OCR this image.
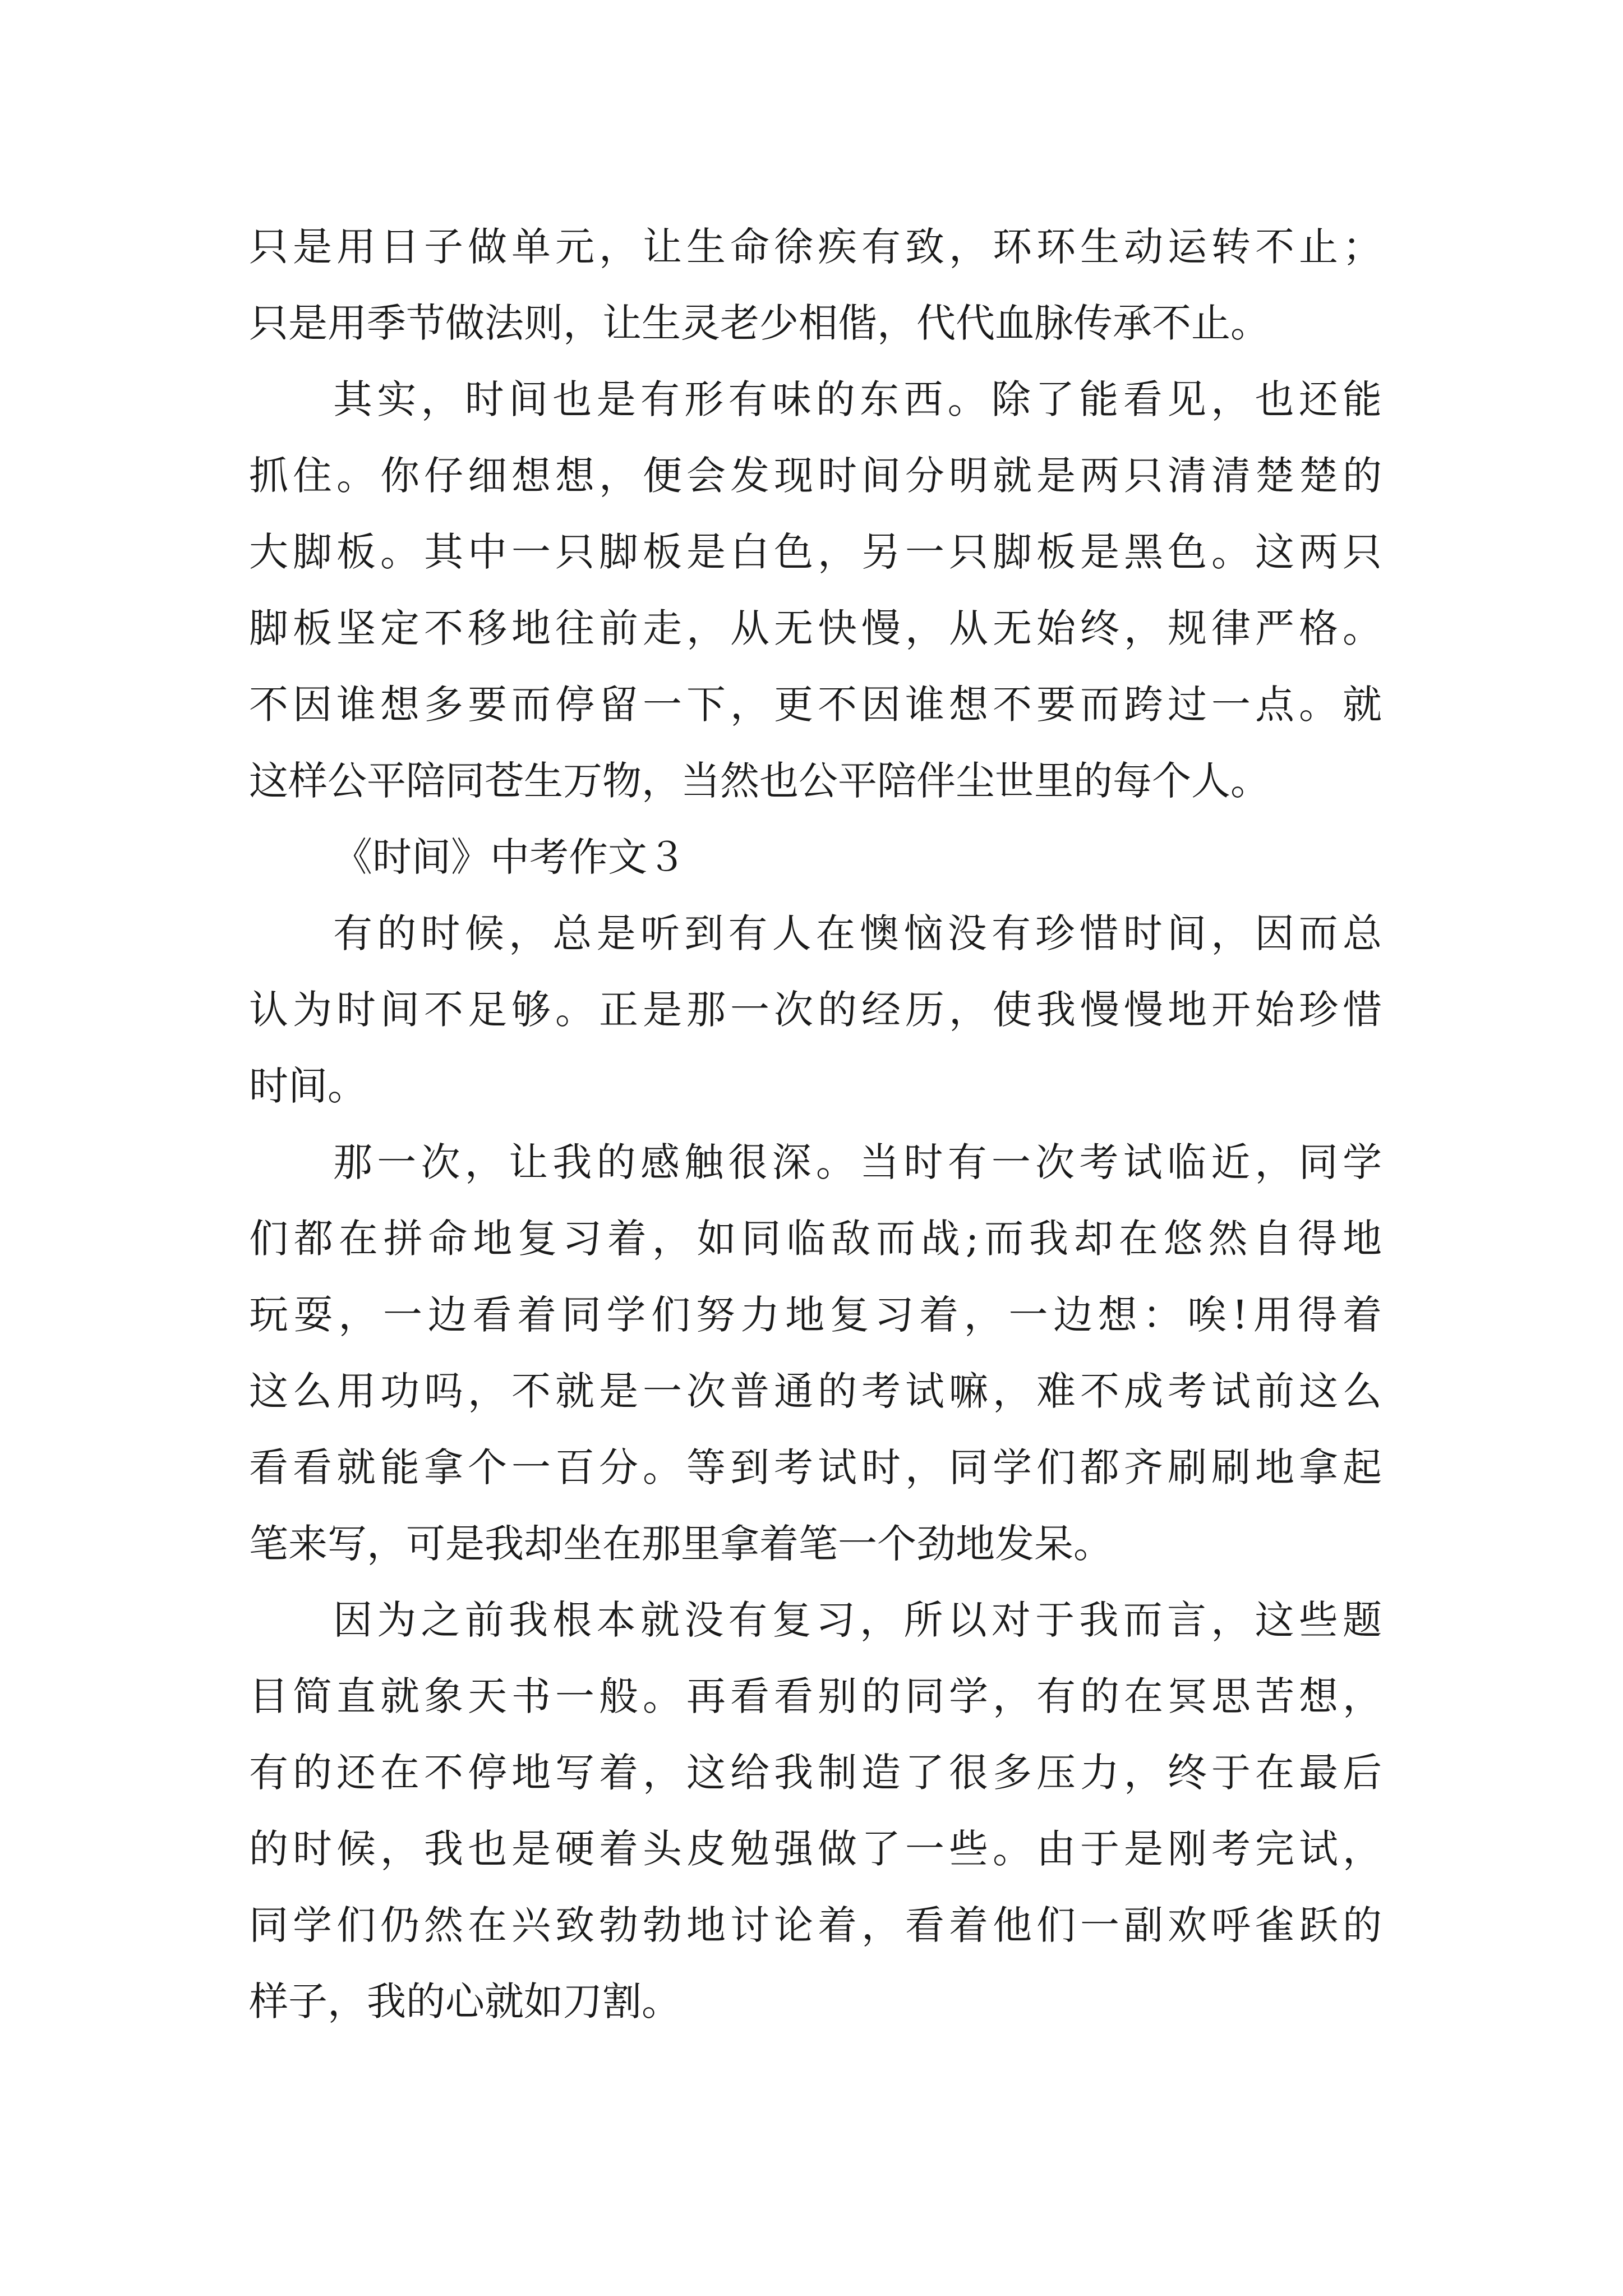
只是用日子做单元，让生命徐疾有致，环环生动运转不止；
只是用季节做法则，让生灵老少相偕，代代血脉传承不止。
其实，时间也是有形有味的东西。除了能看见，也还能
抓住。你仔细想想，便会发现时间分明就是两只清清楚楚的
大脚板。其中一只脚板是白色，另一只脚板是黑色。这两只
脚板坚定不移地往前走，从无快慢，从无始终，规律严格。
不因谁想多要而停留一下，更不因谁想不要而跨过一点。就
这样公平陪同苍生万物，当然也公平陪伴尘世里的每个人。
《时间》中考作文３
有的时候，总是听到有人在懊恼没有珍惜时间，因而总
认为时间不足够。正是那一次的经历，使我慢慢地开始珍惜
时间。
那一次，让我的感触很深。当时有一次考试临近，同学
们都在拼命地复习着，如同临敌而战;而我却在悠然自得地
玩耍，一边看着同学们努力地复习着，一边想：唉!用得着
这么用功吗，不就是一次普通的考试嘛，难不成考试前这么
看看就能拿个一百分。等到考试时，同学们都齐刷刷地拿起
笔来写，可是我却坐在那里拿着笔一个劲地发呆。
因为之前我根本就没有复习，所以对于我而言，这些题
目简直就象天书一般。再看看别的同学，有的在冥思苦想，
有的还在不停地写着，这给我制造了很多压力，终于在最后
的时候，我也是硬着头皮勉强做了一些。由于是刚考完试，
同学们仍然在兴致勃勃地讨论着，看着他们一副欢呼雀跃的
样子，我的心就如刀割。
